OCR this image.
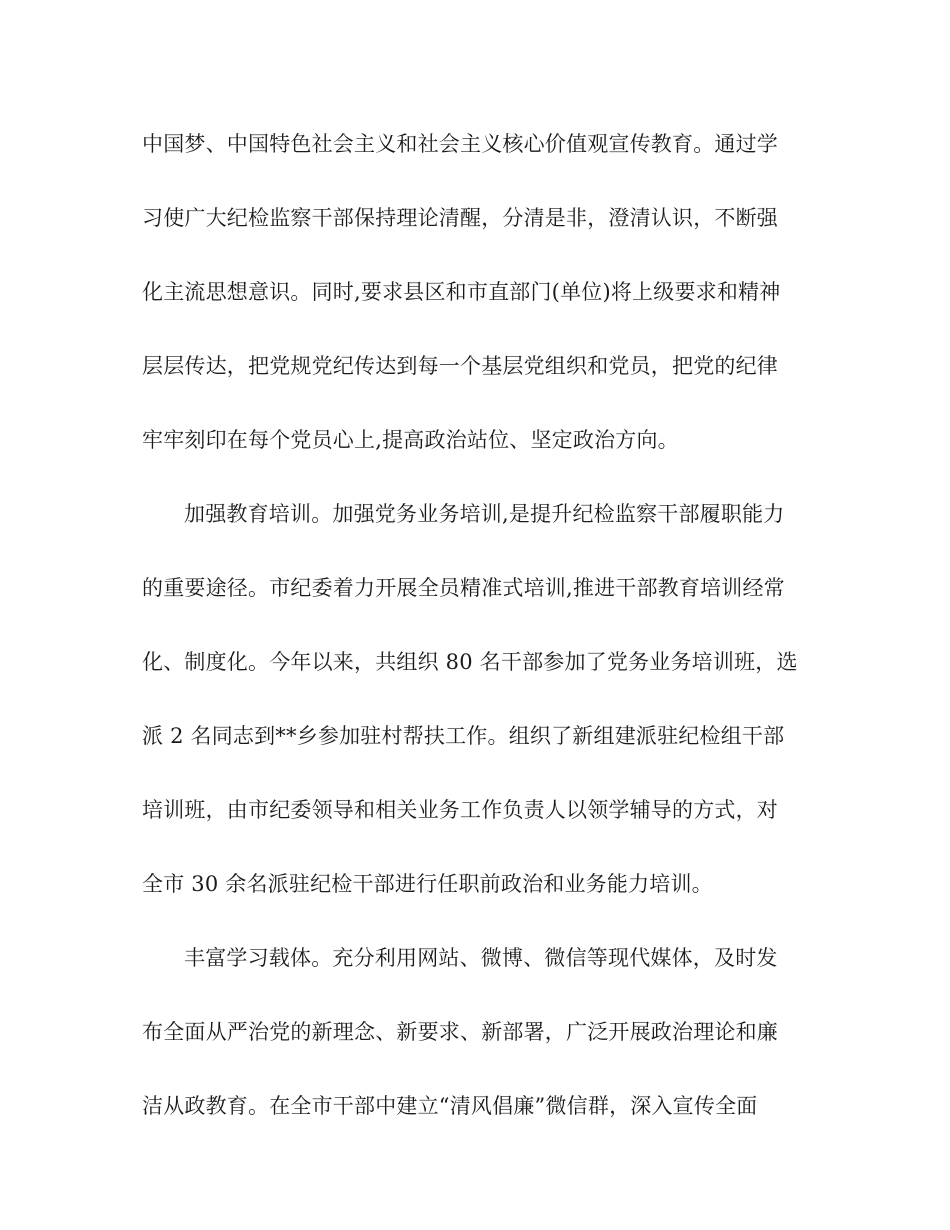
中国梦、中国特色社会主义和社会主义核心价值观宣传教育。通过学
习使广大纪检监察干部保持理论清醒，分清是非，澄清认识，不断强
化主流思想意识。同时,要求县区和市直部门(单位)将上级要求和精神
层层传达，把党规党纪传达到每一个基层党组织和党员，把党的纪律
牢牢刻印在每个党员心上,提高政治站位、坚定政治方向。
加强教育培训。加强党务业务培训,是提升纪检监察干部履职能力
的重要途径。市纪委着力开展全员精准式培训,推进干部教育培训经常
化、制度化。今年以来，共组织 80 名干部参加了党务业务培训班，选
派 2 名同志到**乡参加驻村帮扶工作。组织了新组建派驻纪检组干部
培训班，由市纪委领导和相关业务工作负责人以领学辅导的方式，对
全市 30 余名派驻纪检干部进行任职前政治和业务能力培训。
丰富学习载体。充分利用网站、微博、微信等现代媒体，及时发
布全面从严治党的新理念、新要求、新部署，广泛开展政治理论和廉
洁从政教育。在全市干部中建立“清风倡廉”微信群，深入宣传全面
